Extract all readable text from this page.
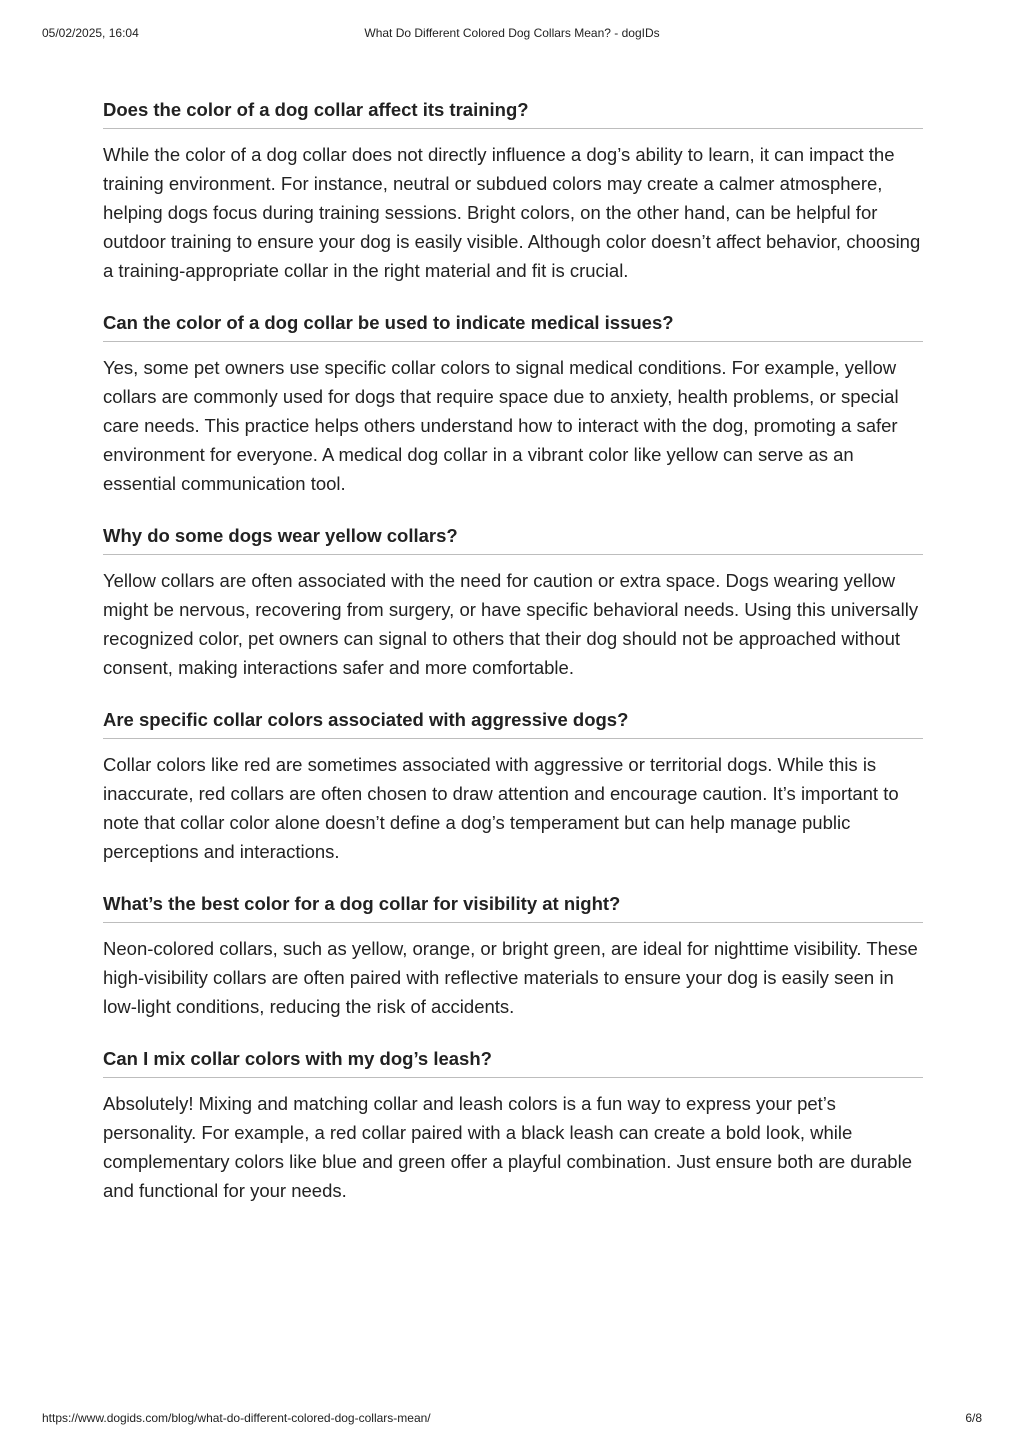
05/02/2025, 16:04	What Do Different Colored Dog Collars Mean? - dogIDs
Does the color of a dog collar affect its training?

While the color of a dog collar does not directly influence a dog’s ability to learn, it can impact the training environment. For instance, neutral or subdued colors may create a calmer atmosphere, helping dogs focus during training sessions. Bright colors, on the other hand, can be helpful for outdoor training to ensure your dog is easily visible. Although color doesn’t affect behavior, choosing a training-appropriate collar in the right material and fit is crucial.

Can the color of a dog collar be used to indicate medical issues?

Yes, some pet owners use specific collar colors to signal medical conditions. For example, yellow collars are commonly used for dogs that require space due to anxiety, health problems, or special care needs. This practice helps others understand how to interact with the dog, promoting a safer environment for everyone. A medical dog collar in a vibrant color like yellow can serve as an essential communication tool.

Why do some dogs wear yellow collars?

Yellow collars are often associated with the need for caution or extra space. Dogs wearing yellow might be nervous, recovering from surgery, or have specific behavioral needs. Using this universally recognized color, pet owners can signal to others that their dog should not be approached without consent, making interactions safer and more comfortable.

Are specific collar colors associated with aggressive dogs?

Collar colors like red are sometimes associated with aggressive or territorial dogs. While this is inaccurate, red collars are often chosen to draw attention and encourage caution. It’s important to note that collar color alone doesn’t define a dog’s temperament but can help manage public perceptions and interactions.

What’s the best color for a dog collar for visibility at night?

Neon-colored collars, such as yellow, orange, or bright green, are ideal for nighttime visibility. These high-visibility collars are often paired with reflective materials to ensure your dog is easily seen in low-light conditions, reducing the risk of accidents.

Can I mix collar colors with my dog’s leash?

Absolutely! Mixing and matching collar and leash colors is a fun way to express your pet’s personality. For example, a red collar paired with a black leash can create a bold look, while complementary colors like blue and green offer a playful combination. Just ensure both are durable and functional for your needs.

https://www.dogids.com/blog/what-do-different-colored-dog-collars-mean/	6/8
